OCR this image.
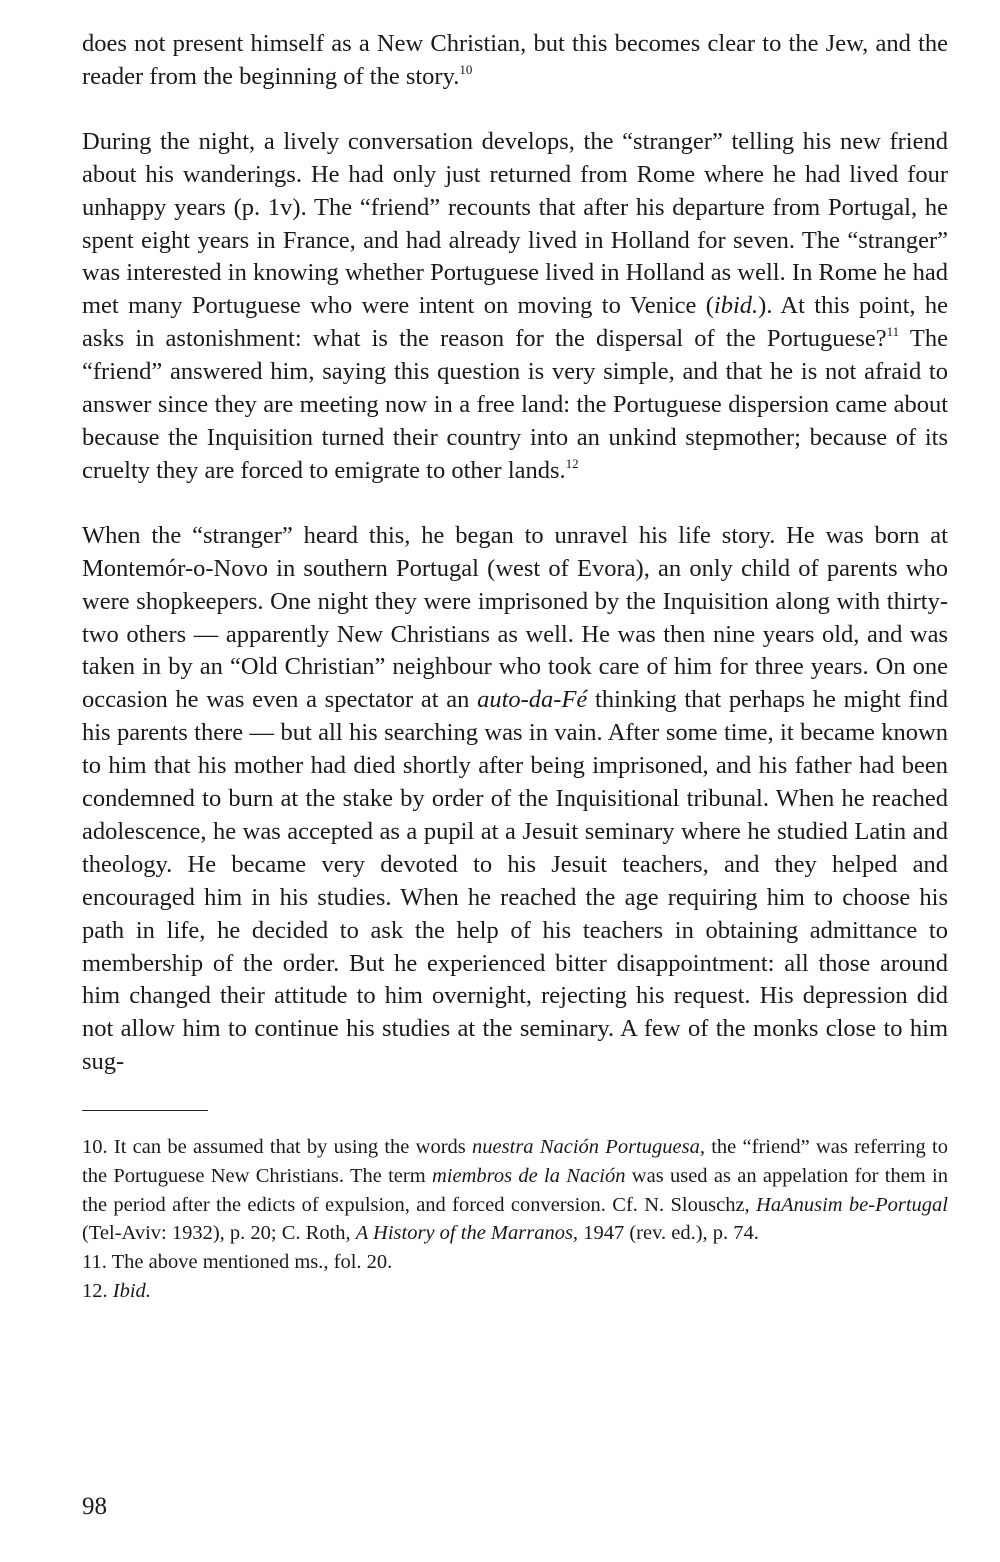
does not present himself as a New Christian, but this becomes clear to the Jew, and the reader from the beginning of the story.$^{10}$

During the night, a lively conversation develops, the “stranger” telling his new friend about his wanderings. He had only just returned from Rome where he had lived four unhappy years (p. 1v). The “friend” recounts that after his departure from Portugal, he spent eight years in France, and had already lived in Holland for seven. The “stranger” was interested in knowing whether Portuguese lived in Holland as well. In Rome he had met many Portuguese who were intent on moving to Venice (ibid.). At this point, he asks in astonishment: what is the reason for the dispersal of the Portuguese?$^{11}$ The “friend” answered him, saying this question is very simple, and that he is not afraid to answer since they are meeting now in a free land: the Portuguese dispersion came about because the Inquisition turned their country into an unkind stepmother; because of its cruelty they are forced to emigrate to other lands.$^{12}$

When the “stranger” heard this, he began to unravel his life story. He was born at Montemór-o-Novo in southern Portugal (west of Evora), an only child of parents who were shopkeepers. One night they were imprisoned by the Inquisition along with thirty-two others — apparently New Christians as well. He was then nine years old, and was taken in by an “Old Christian” neighbour who took care of him for three years. On one occasion he was even a spectator at an auto-da-Fé thinking that perhaps he might find his parents there — but all his searching was in vain. After some time, it became known to him that his mother had died shortly after being imprisoned, and his father had been condemned to burn at the stake by order of the Inquisitional tribunal. When he reached adolescence, he was accepted as a pupil at a Jesuit seminary where he studied Latin and theology. He became very devoted to his Jesuit teachers, and they helped and encouraged him in his studies. When he reached the age requiring him to choose his path in life, he decided to ask the help of his teachers in obtaining admittance to membership of the order. But he experienced bitter disappointment: all those around him changed their attitude to him overnight, rejecting his request. His depression did not allow him to continue his studies at the seminary. A few of the monks close to him sug-

10. It can be assumed that by using the words nuestra Nación Portuguesa, the “friend” was referring to the Portuguese New Christians. The term miembros de la Nación was used as an appelation for them in the period after the edicts of expulsion, and forced conversion. Cf. N. Slouschz, HaAnusim be-Portugal (Tel-Aviv: 1932), p. 20; C. Roth, A History of the Marranos, 1947 (rev. ed.), p. 74.

11. The above mentioned ms., fol. 20.

12. Ibid.

98
